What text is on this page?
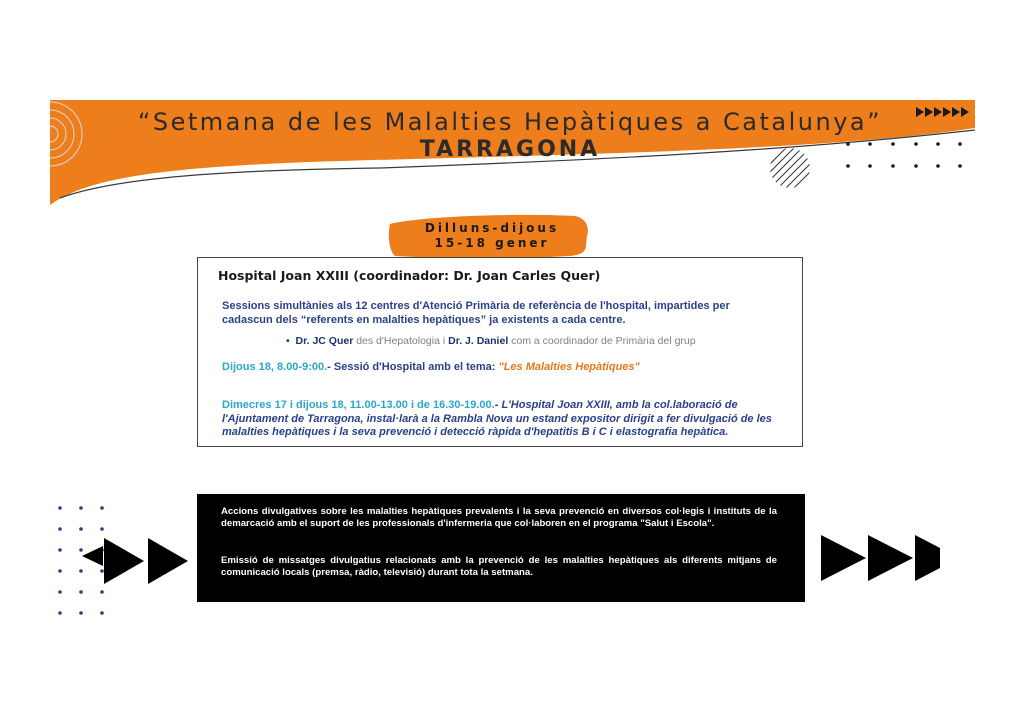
“Setmana de les Malalties Hepàtiques a Catalunya”
TARRAGONA
Dilluns-dijous
15-18 gener
Hospital Joan XXIII (coordinador: Dr. Joan Carles Quer)
Sessions simultànies als 12 centres d'Atenció Primària de referència de l'hospital, impartides per cadascun dels “referents en malalties hepàtiques” ja existents a cada centre.
•  Dr. JC Quer des d'Hepatologia i Dr. J. Daniel com a coordinador de Primària del grup
Dijous 18, 8.00-9:00.- Sessió d'Hospital amb el tema: "Les Malalties Hepàtiques"
Dimecres 17 i dijous 18, 11.00-13.00 i de 16.30-19.00.- L'Hospital Joan XXIII, amb la col.laboració de l'Ajuntament de Tarragona, instal·larà a la Rambla Nova un estand expositor dirigit a fer divulgació de les malalties hepàtiques i la seva prevenció i detecció ràpida d'hepatitis B i C i elastografia hepàtica.
Accions divulgatives sobre les malalties hepàtiques prevalents i la seva prevenció en diversos col·legis i instituts de la demarcació amb el suport de les professionals d'infermeria que col·laboren en el programa "Salut i Escola".
Emissió de missatges divulgatius relacionats amb la prevenció de les malalties hepàtiques als diferents mitjans de comunicació locals (premsa, ràdio, televisió) durant tota la setmana.
